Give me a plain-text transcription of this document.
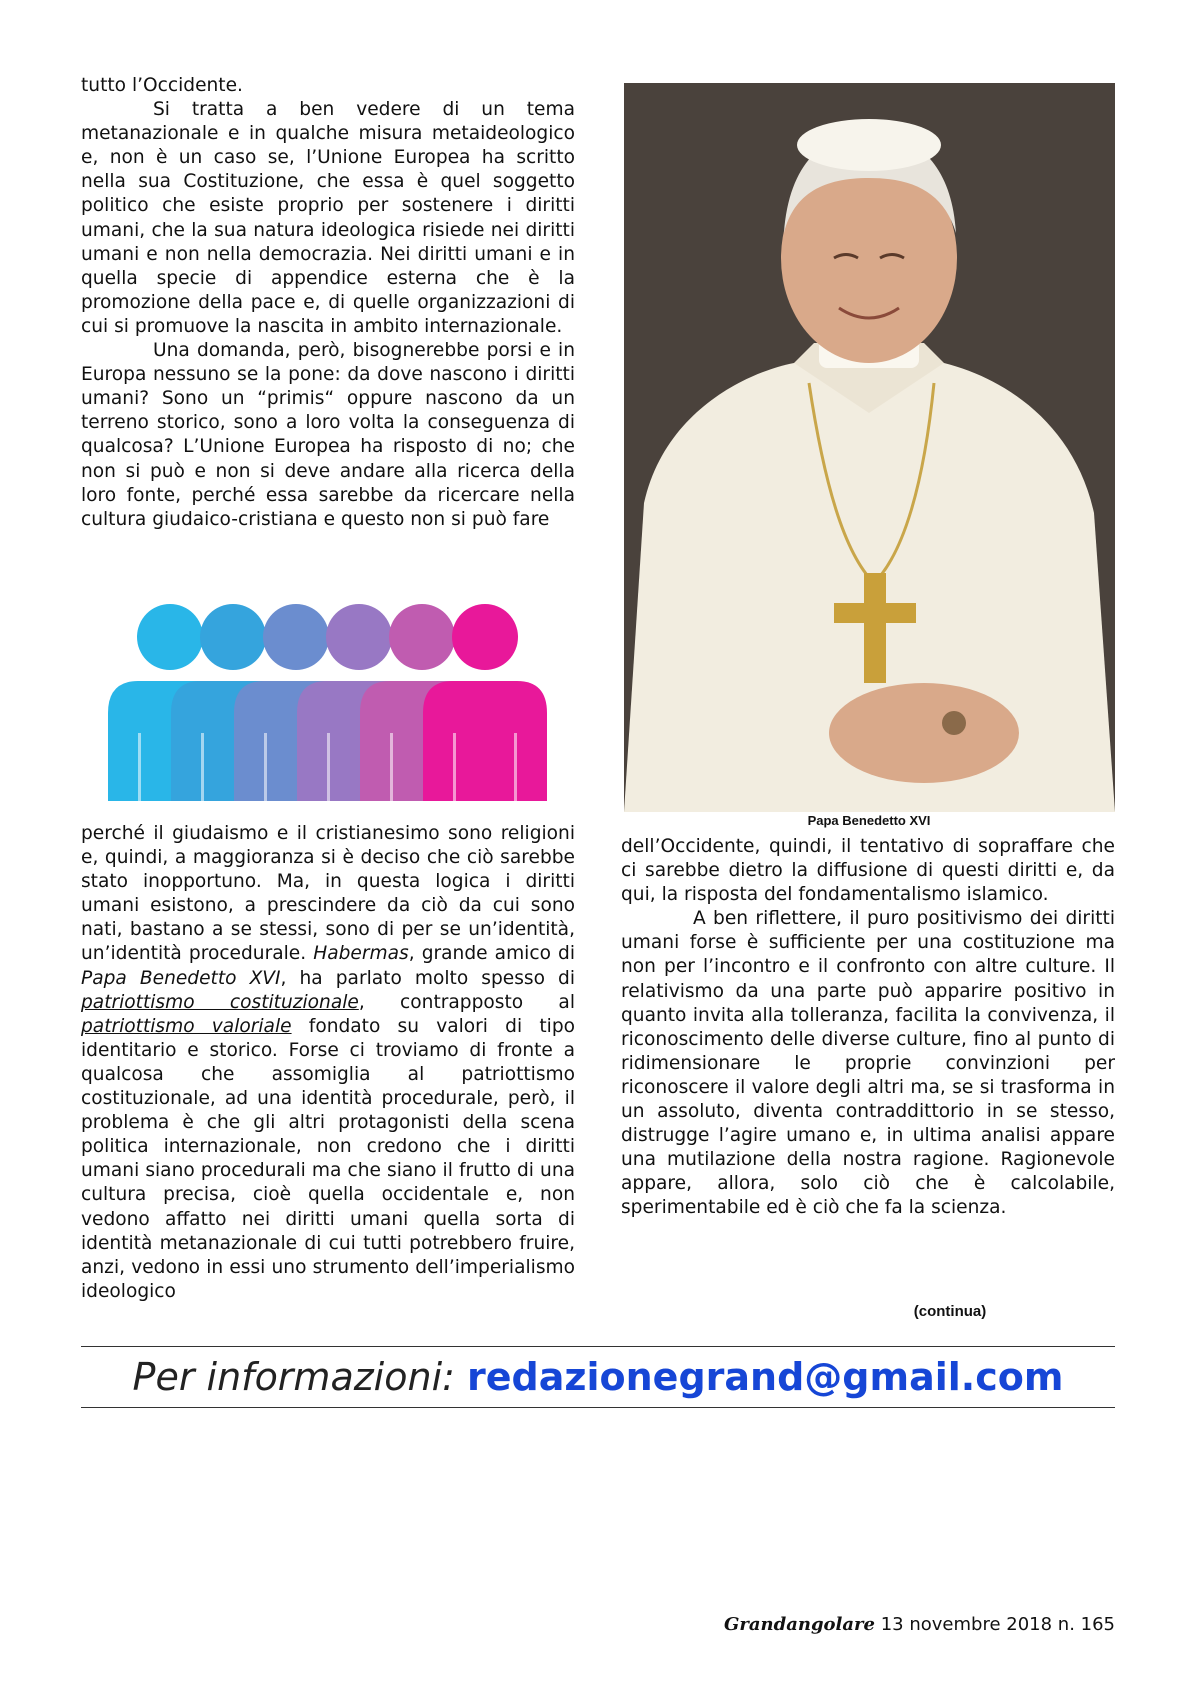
tutto l’Occidente.

Si tratta a ben vedere di un tema metanazionale e in qualche misura metaideologico e, non è un caso se, l’Unione Europea ha scritto nella sua Costituzione, che essa è quel soggetto politico che esiste proprio per sostenere i diritti umani, che la sua natura ideologica risiede nei diritti umani e non nella democrazia. Nei diritti umani e in quella specie di appendice esterna che è la promozione della pace e, di quelle organizzazioni di cui si promuove la nascita in ambito internazionale.

Una domanda, però, bisognerebbe porsi e in Europa nessuno se la pone: da dove nascono i diritti umani? Sono un “primis“ oppure nascono da un terreno storico, sono a loro volta la conseguenza di qualcosa? L’Unione Europea ha risposto di no; che non si può e non si deve andare alla ricerca della loro fonte, perché essa sarebbe da ricercare nella cultura giudaico-cristiana e questo non si può fare

Papa Benedetto XVI

perché il giudaismo e il cristianesimo sono religioni e, quindi, a maggioranza si è deciso che ciò sarebbe stato inopportuno. Ma, in questa logica i diritti umani esistono, a prescindere da ciò da cui sono nati, bastano a se stessi, sono di per se un’identità, un’identità procedurale. Habermas, grande amico di Papa Benedetto XVI, ha parlato molto spesso di patriottismo costituzionale, contrapposto al patriottismo valoriale fondato su valori di tipo identitario e storico. Forse ci troviamo di fronte a qualcosa che assomiglia al patriottismo costituzionale, ad una identità procedurale, però, il problema è che gli altri protagonisti della scena politica internazionale, non credono che i diritti umani siano procedurali ma che siano il frutto di una cultura precisa, cioè quella occidentale e, non vedono affatto nei diritti umani quella sorta di identità metanazionale di cui tutti potrebbero fruire, anzi, vedono in essi uno strumento dell’imperialismo ideologico

dell’Occidente, quindi, il tentativo di sopraffare che ci sarebbe dietro la diffusione di questi diritti e, da qui, la risposta del fondamentalismo islamico.

A ben riflettere, il puro positivismo dei diritti umani forse è sufficiente per una costituzione ma non per l’incontro e il confronto con altre culture. Il relativismo da una parte può apparire positivo in quanto invita alla tolleranza, facilita la convivenza, il riconoscimento delle diverse culture, fino al punto di ridimensionare le proprie convinzioni per riconoscere il valore degli altri ma, se si trasforma in un assoluto, diventa contraddittorio in se stesso, distrugge l’agire umano e, in ultima analisi appare una mutilazione della nostra ragione. Ragionevole appare, allora, solo ciò che è calcolabile, sperimentabile ed è ciò che fa la scienza.

(continua)
Per informazioni: redazionegrand@gmail.com
Grandangolare 13 novembre 2018 n. 165
